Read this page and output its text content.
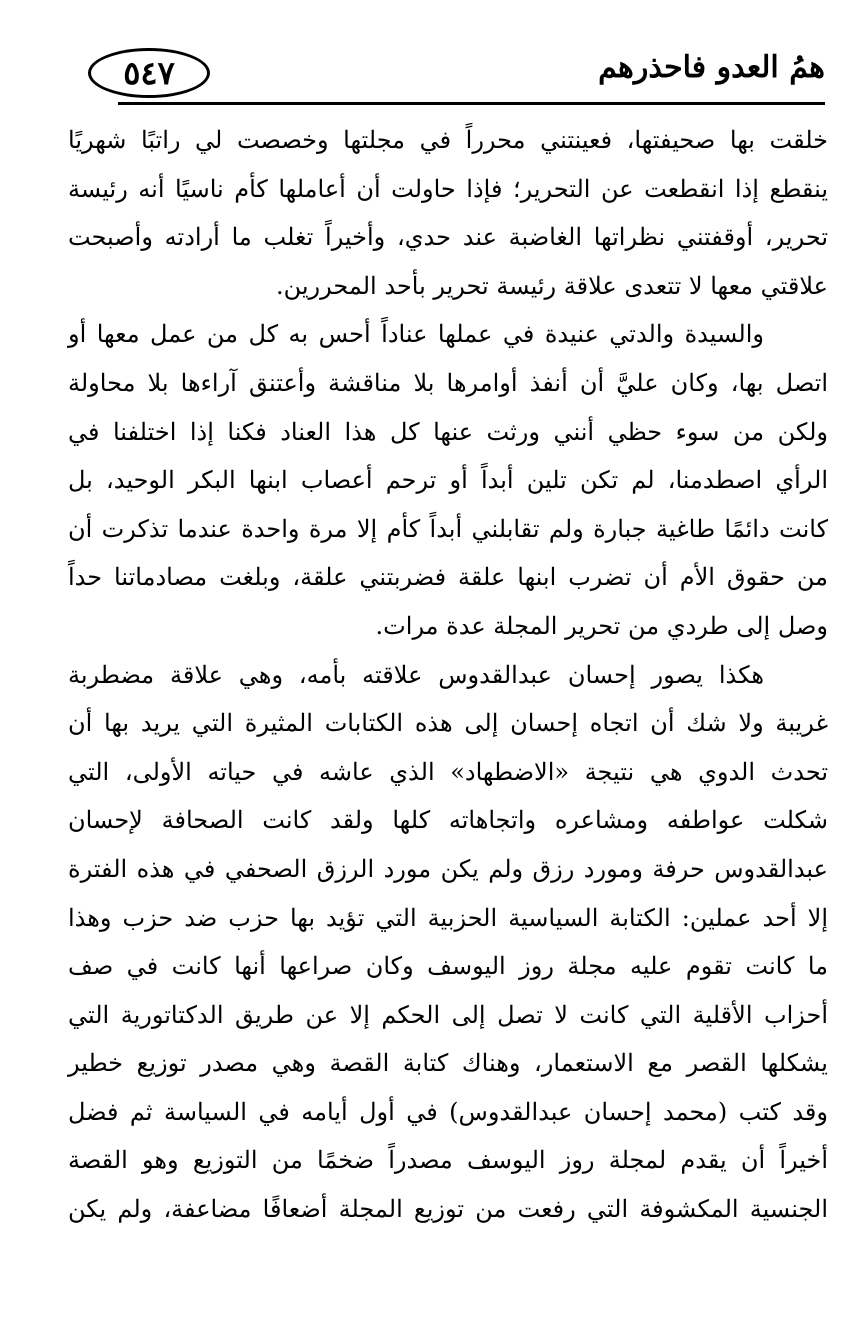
٥٤٧	همُ العدو فاحذرهم
خلقت بها صحيفتها، فعينتني محرراً في مجلتها وخصصت لي راتبًا شهريًا
ينقطع إذا انقطعت عن التحرير؛ فإذا حاولت أن أعاملها كأم ناسيًا أنه رئيسة
تحرير، أوقفتني نظراتها الغاضبة عند حدي، وأخيراً تغلب ما أرادته وأصبحت
علاقتي معها لا تتعدى علاقة رئيسة تحرير بأحد المحررين.
والسيدة والدتي عنيدة في عملها عناداً أحس به كل من عمل معها أو
اتصل بها، وكان عليَّ أن أنفذ أوامرها بلا مناقشة وأعتنق آراءها بلا محاولة
ولكن من سوء حظي أنني ورثت عنها كل هذا العناد فكنا إذا اختلفنا في
الرأي اصطدمنا، لم تكن تلين أبداً أو ترحم أعصاب ابنها البكر الوحيد، بل
كانت دائمًا طاغية جبارة ولم تقابلني أبداً كأم إلا مرة واحدة عندما تذكرت أن
من حقوق الأم أن تضرب ابنها علقة فضربتني علقة، وبلغت مصادماتنا حداً
وصل إلى طردي من تحرير المجلة عدة مرات.
هكذا يصور إحسان عبدالقدوس علاقته بأمه، وهي علاقة مضطربة
غريبة ولا شك أن اتجاه إحسان إلى هذه الكتابات المثيرة التي يريد بها أن
تحدث الدوي هي نتيجة «الاضطهاد» الذي عاشه في حياته الأولى، التي
شكلت عواطفه ومشاعره واتجاهاته كلها ولقد كانت الصحافة لإحسان
عبدالقدوس حرفة ومورد رزق ولم يكن مورد الرزق الصحفي في هذه الفترة
إلا أحد عملين: الكتابة السياسية الحزبية التي تؤيد بها حزب ضد حزب وهذا
ما كانت تقوم عليه مجلة روز اليوسف وكان صراعها أنها كانت في صف
أحزاب الأقلية التي كانت لا تصل إلى الحكم إلا عن طريق الدكتاتورية التي
يشكلها القصر مع الاستعمار، وهناك كتابة القصة وهي مصدر توزيع خطير
وقد كتب (محمد إحسان عبدالقدوس) في أول أيامه في السياسة ثم فضل
أخيراً أن يقدم لمجلة روز اليوسف مصدراً ضخمًا من التوزيع وهو القصة
الجنسية المكشوفة التي رفعت من توزيع المجلة أضعافًا مضاعفة، ولم يكن
